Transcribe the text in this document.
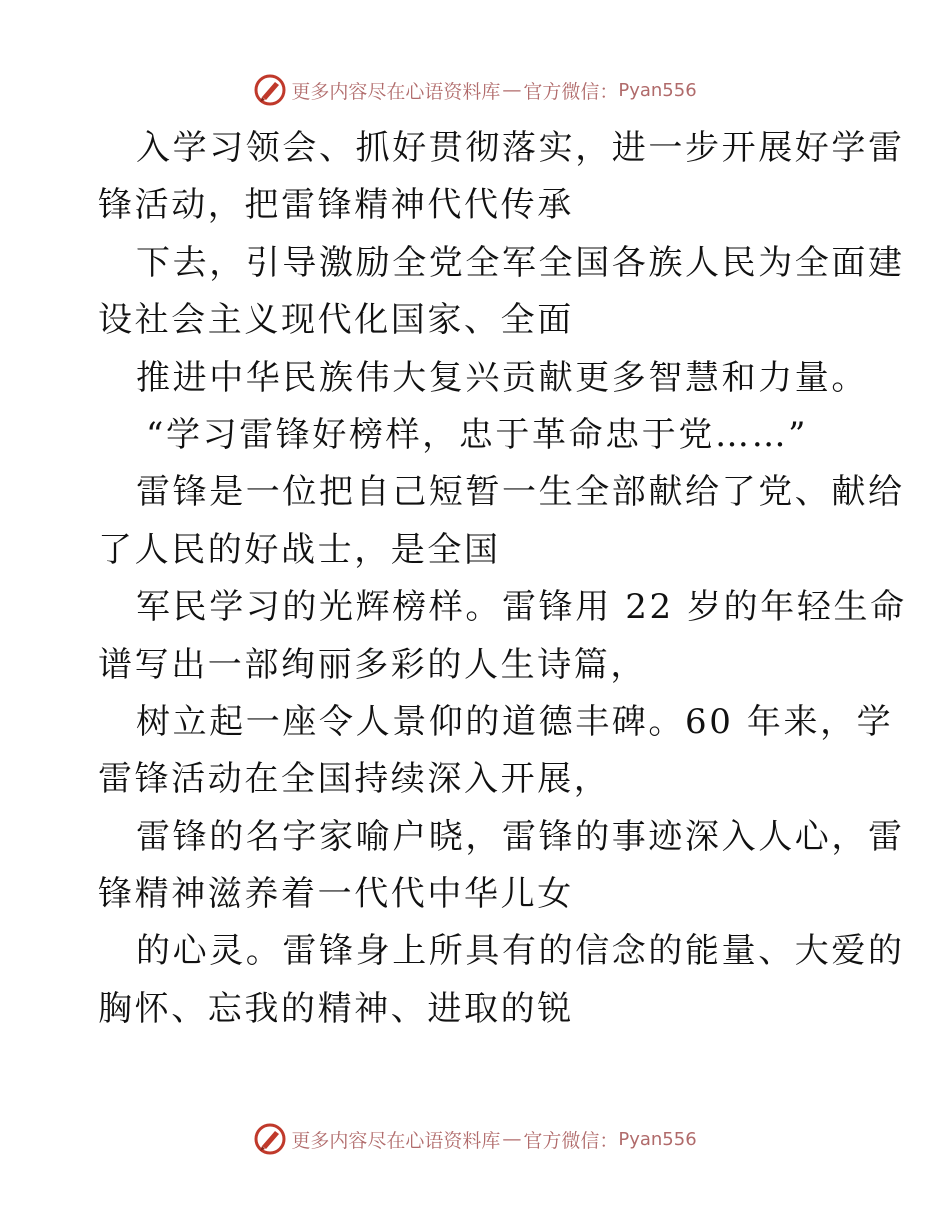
更多内容尽在心语资料库 — 官方微信： Pyan556
入学习领会、抓好贯彻落实，进一步开展好学雷
锋活动，把雷锋精神代代传承
下去，引导激励全党全军全国各族人民为全面建
设社会主义现代化国家、全面
推进中华民族伟大复兴贡献更多智慧和力量。
“学习雷锋好榜样，忠于革命忠于党……”
雷锋是一位把自己短暂一生全部献给了党、献给
了人民的好战士，是全国
军民学习的光辉榜样。雷锋用 22 岁的年轻生命
谱写出一部绚丽多彩的人生诗篇，
树立起一座令人景仰的道德丰碑。60 年来，学
雷锋活动在全国持续深入开展，
雷锋的名字家喻户晓，雷锋的事迹深入人心，雷
锋精神滋养着一代代中华儿女
的心灵。雷锋身上所具有的信念的能量、大爱的
胸怀、忘我的精神、进取的锐
更多内容尽在心语资料库 — 官方微信： Pyan556
